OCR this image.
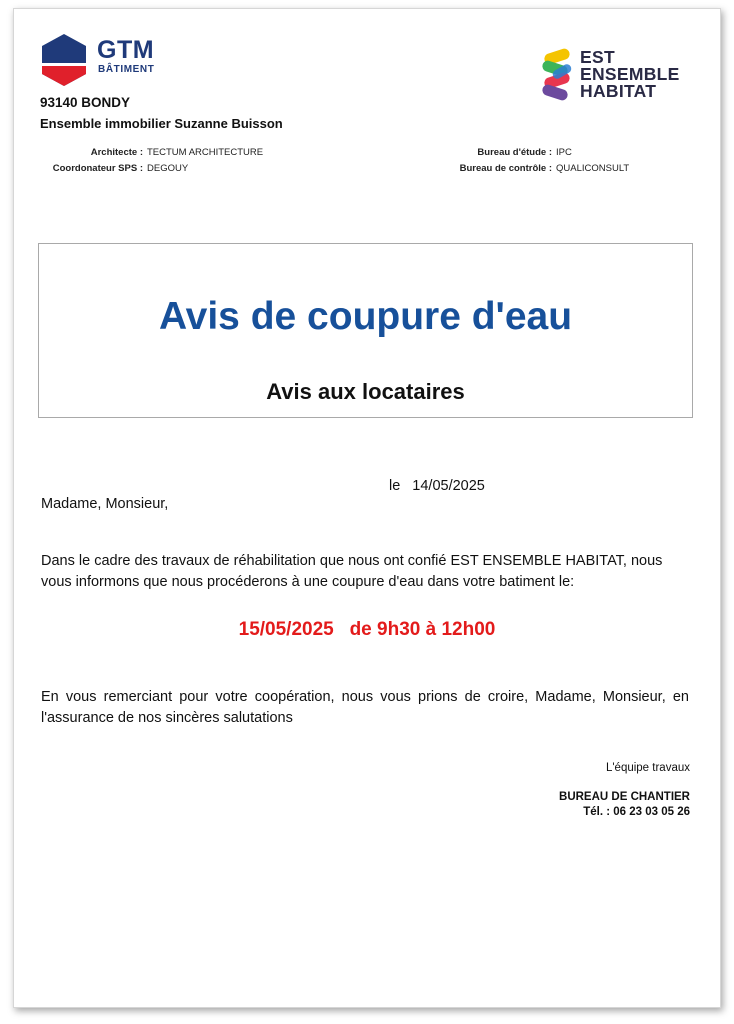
GTM
BÂTIMENT
EST
ENSEMBLE
HABITAT
93140 BONDY
Ensemble immobilier Suzanne Buisson
Architecte : TECTUM ARCHITECTURE
Coordonateur SPS : DEGOUY
Bureau d'étude : IPC
Bureau de contrôle : QUALICONSULT
Avis de coupure d'eau
Avis aux locataires
le 14/05/2025
Madame, Monsieur,
Dans le cadre des travaux de réhabilitation que nous ont confié EST ENSEMBLE HABITAT, nous vous informons que nous procéderons à une coupure d'eau dans votre batiment le:
15/05/2025 de 9h30 à 12h00
En vous remerciant pour votre coopération, nous vous prions de croire, Madame, Monsieur, en l'assurance de nos sincères salutations
L'équipe travaux
BUREAU DE CHANTIER
Tél. : 06 23 03 05 26
